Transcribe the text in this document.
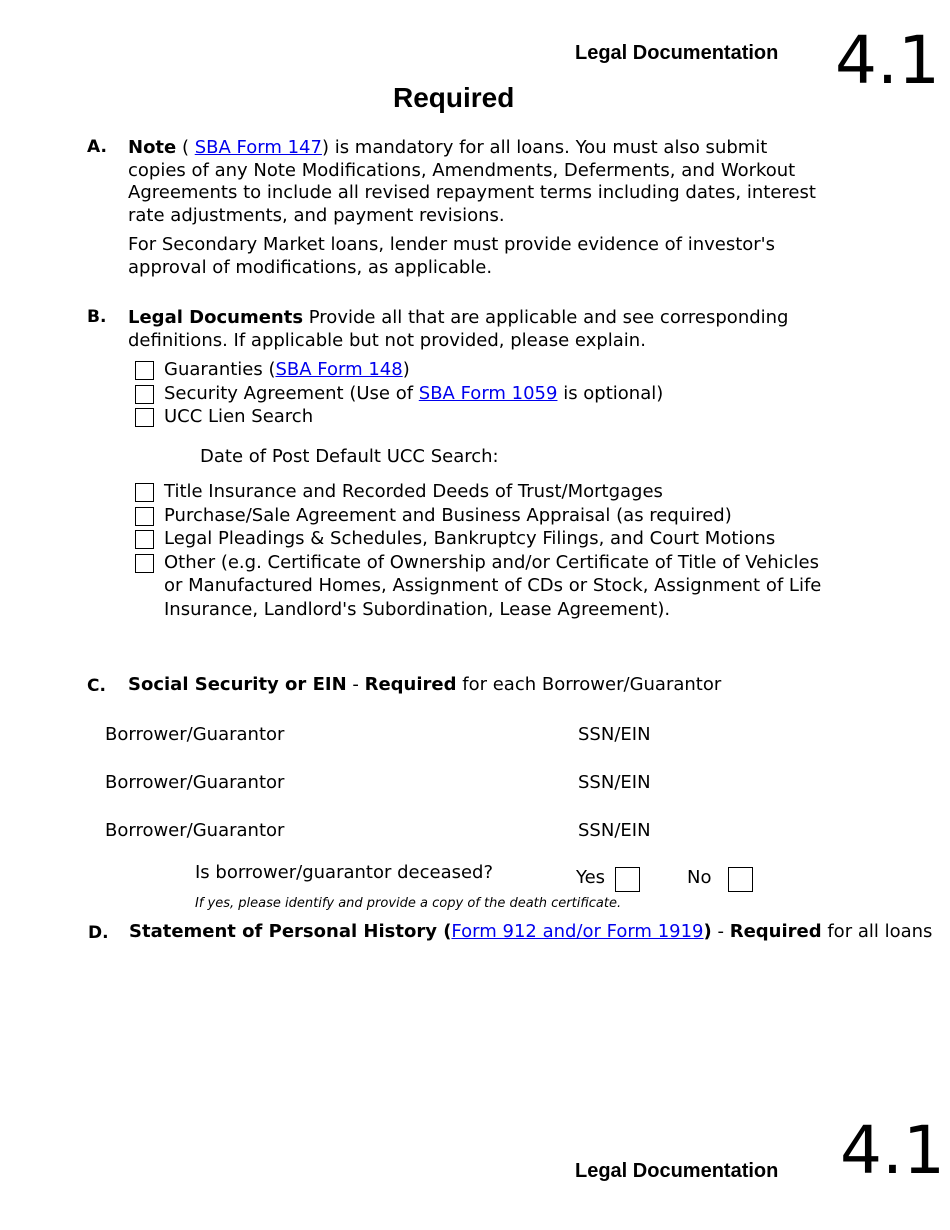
Legal Documentation 4.1
Required
A. Note ( SBA Form 147) is mandatory for all loans. You must also submit copies of any Note Modifications, Amendments, Deferments, and Workout Agreements to include all revised repayment terms including dates, interest rate adjustments, and payment revisions.
For Secondary Market loans, lender must provide evidence of investor's approval of modifications, as applicable.
B. Legal Documents Provide all that are applicable and see corresponding definitions. If applicable but not provided, please explain.
Guaranties (SBA Form 148)
Security Agreement (Use of SBA Form 1059 is optional)
UCC Lien Search
Date of Post Default UCC Search:
Title Insurance and Recorded Deeds of Trust/Mortgages
Purchase/Sale Agreement and Business Appraisal (as required)
Legal Pleadings & Schedules, Bankruptcy Filings, and Court Motions
Other (e.g. Certificate of Ownership and/or Certificate of Title of Vehicles or Manufactured Homes, Assignment of CDs or Stock, Assignment of Life Insurance, Landlord's Subordination, Lease Agreement).
C. Social Security or EIN - Required for each Borrower/Guarantor
Borrower/Guarantor	SSN/EIN
Borrower/Guarantor	SSN/EIN
Borrower/Guarantor	SSN/EIN
Is borrower/guarantor deceased?	Yes	No
If yes, please identify and provide a copy of the death certificate.
D. Statement of Personal History (Form 912 and/or Form 1919) - Required for all loans
Legal Documentation 4.1
